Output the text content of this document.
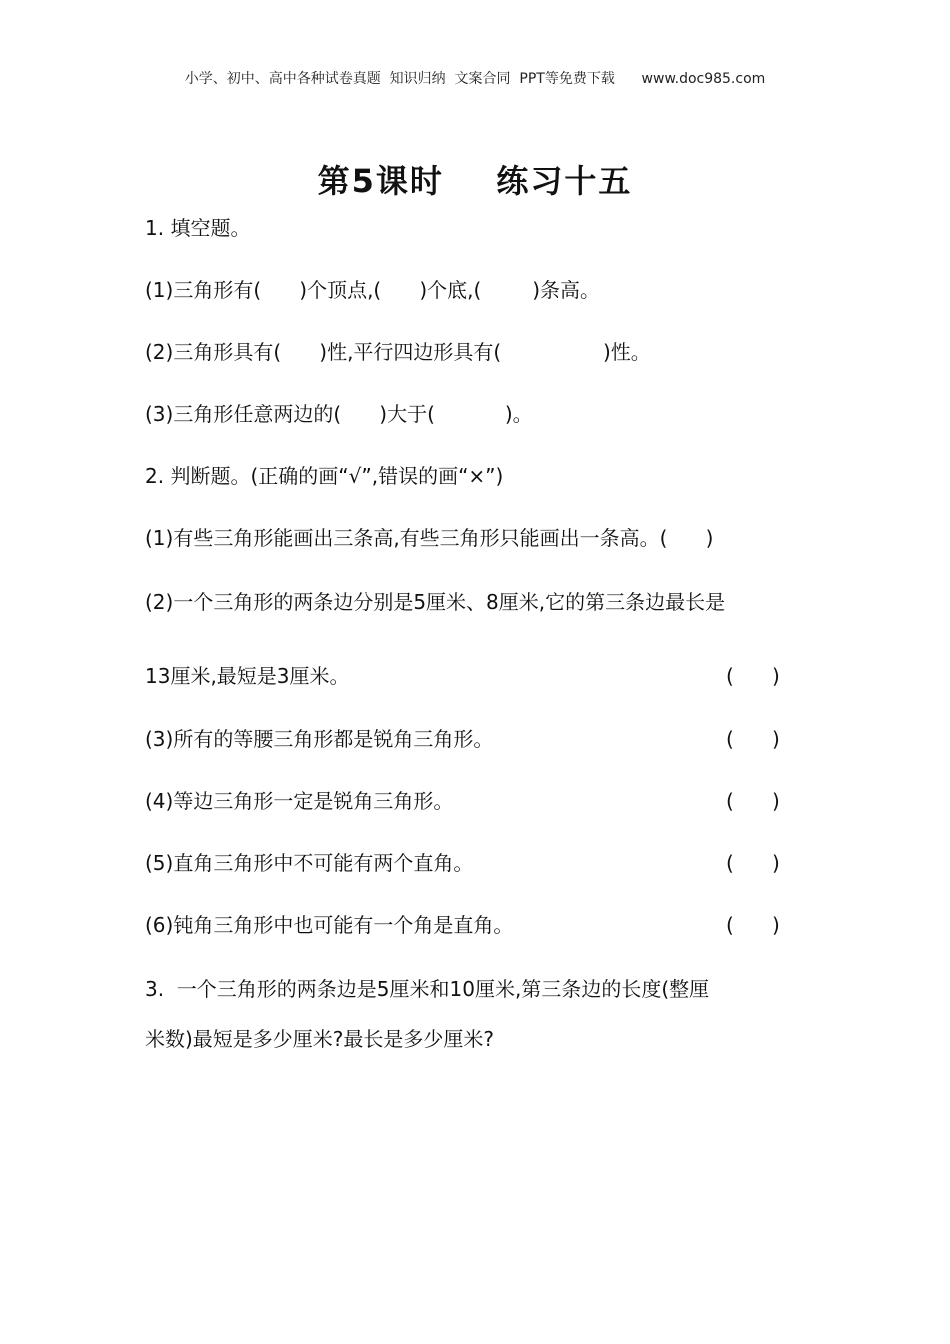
小学、初中、高中各种试卷真题  知识归纳  文案合同  PPT等免费下载 www.doc985.com
第5课时    练习十五
1. 填空题。
(1)三角形有(      )个顶点,(      )个底,(        )条高。
(2)三角形具有(      )性,平行四边形具有(                )性。
(3)三角形任意两边的(      )大于(           )。
2. 判断题。(正确的画“√”,错误的画“×”)
(1)有些三角形能画出三条高,有些三角形只能画出一条高。(      )
(2)一个三角形的两条边分别是5厘米、8厘米,它的第三条边最长是
13厘米,最短是3厘米。	(      )
(3)所有的等腰三角形都是锐角三角形。	(      )
(4)等边三角形一定是锐角三角形。	(      )
(5)直角三角形中不可能有两个直角。	(      )
(6)钝角三角形中也可能有一个角是直角。	(      )
3.  一个三角形的两条边是5厘米和10厘米,第三条边的长度(整厘
米数)最短是多少厘米?最长是多少厘米?
